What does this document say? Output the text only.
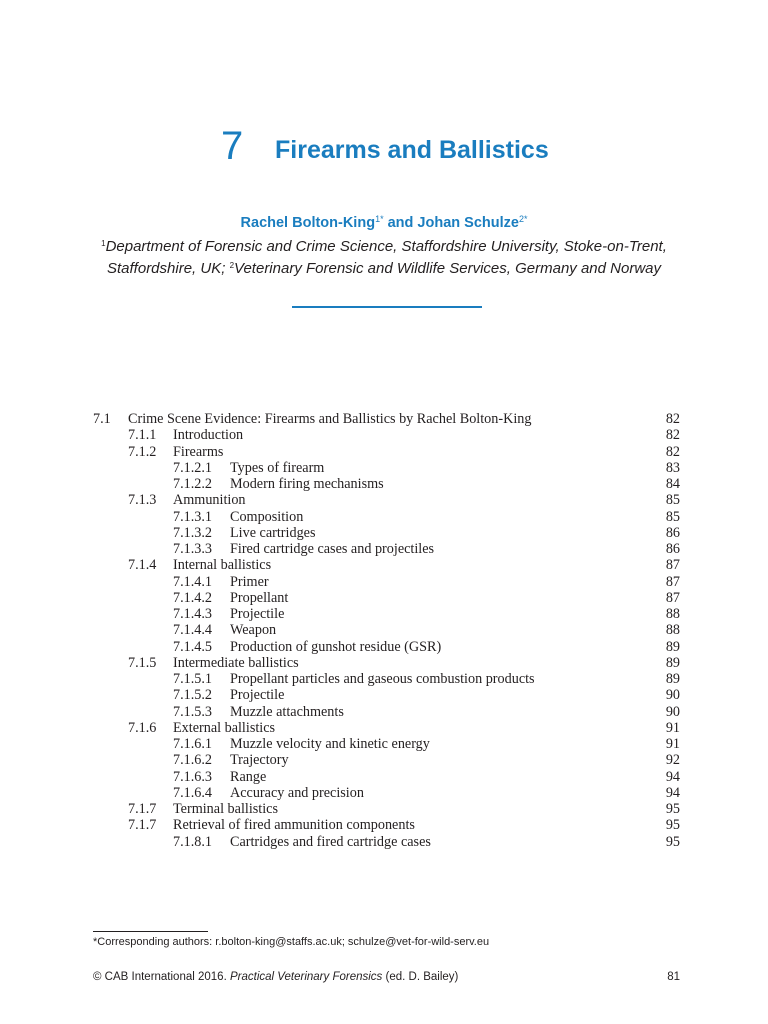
7 Firearms and Ballistics
Rachel Bolton-King$^{1*}$ and Johan Schulze$^{2*}$
$^1$Department of Forensic and Crime Science, Staffordshire University, Stoke-on-Trent, Staffordshire, UK; $^2$Veterinary Forensic and Wildlife Services, Germany and Norway
7.1 Crime Scene Evidence: Firearms and Ballistics by Rachel Bolton-King	82
7.1.1 Introduction	82
7.1.2 Firearms	82
7.1.2.1 Types of firearm	83
7.1.2.2 Modern firing mechanisms	84
7.1.3 Ammunition	85
7.1.3.1 Composition	85
7.1.3.2 Live cartridges	86
7.1.3.3 Fired cartridge cases and projectiles	86
7.1.4 Internal ballistics	87
7.1.4.1 Primer	87
7.1.4.2 Propellant	87
7.1.4.3 Projectile	88
7.1.4.4 Weapon	88
7.1.4.5 Production of gunshot residue (GSR)	89
7.1.5 Intermediate ballistics	89
7.1.5.1 Propellant particles and gaseous combustion products	89
7.1.5.2 Projectile	90
7.1.5.3 Muzzle attachments	90
7.1.6 External ballistics	91
7.1.6.1 Muzzle velocity and kinetic energy	91
7.1.6.2 Trajectory	92
7.1.6.3 Range	94
7.1.6.4 Accuracy and precision	94
7.1.7 Terminal ballistics	95
7.1.7 Retrieval of fired ammunition components	95
7.1.8.1 Cartridges and fired cartridge cases	95
*Corresponding authors: r.bolton-king@staffs.ac.uk; schulze@vet-for-wild-serv.eu
© CAB International 2016. Practical Veterinary Forensics (ed. D. Bailey)	81
